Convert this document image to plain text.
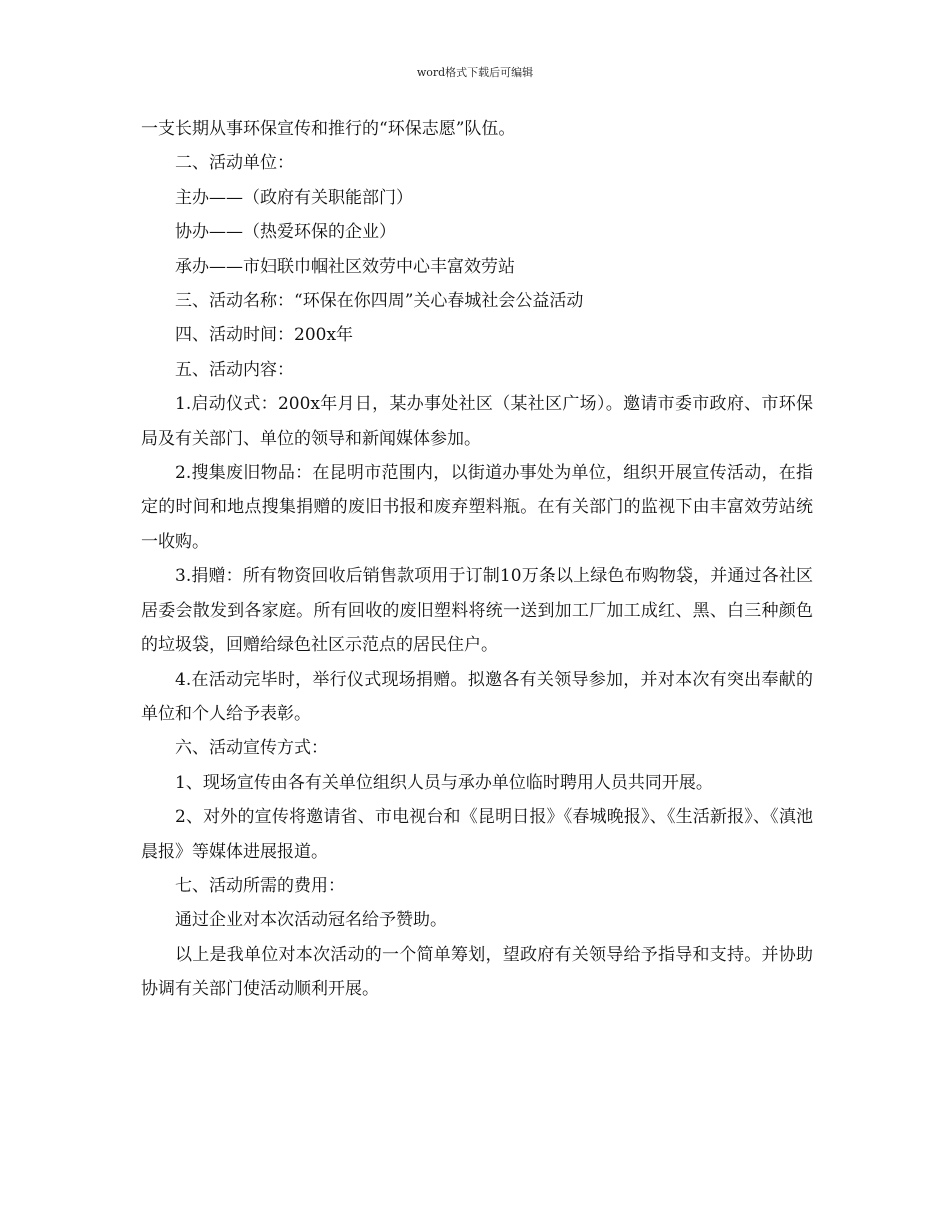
word格式下载后可编辑

一支长期从事环保宣传和推行的“环保志愿”队伍。

二、活动单位：

主办——（政府有关职能部门）

协办——（热爱环保的企业）

承办——市妇联巾帼社区效劳中心丰富效劳站

三、活动名称：“环保在你四周”关心春城社会公益活动

四、活动时间：200x年

五、活动内容：

1.启动仪式：200x年月日，某办事处社区（某社区广场）。邀请市委市政府、市环保局及有关部门、单位的领导和新闻媒体参加。

2.搜集废旧物品：在昆明市范围内，以街道办事处为单位，组织开展宣传活动，在指定的时间和地点搜集捐赠的废旧书报和废弃塑料瓶。在有关部门的监视下由丰富效劳站统一收购。

3.捐赠：所有物资回收后销售款项用于订制10万条以上绿色布购物袋，并通过各社区居委会散发到各家庭。所有回收的废旧塑料将统一送到加工厂加工成红、黑、白三种颜色的垃圾袋，回赠给绿色社区示范点的居民住户。

4.在活动完毕时，举行仪式现场捐赠。拟邀各有关领导参加，并对本次有突出奉献的单位和个人给予表彰。

六、活动宣传方式：

1、现场宣传由各有关单位组织人员与承办单位临时聘用人员共同开展。

2、对外的宣传将邀请省、市电视台和《昆明日报》《春城晚报》、《生活新报》、《滇池晨报》等媒体进展报道。

七、活动所需的费用：

通过企业对本次活动冠名给予赞助。

以上是我单位对本次活动的一个简单筹划，望政府有关领导给予指导和支持。并协助协调有关部门使活动顺利开展。
